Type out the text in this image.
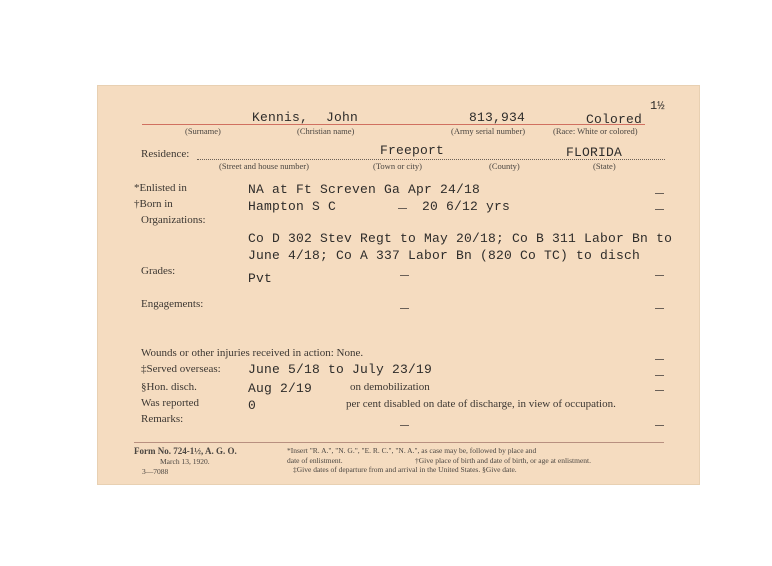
1½
Kennis, John	813,934	Colored
(Surname)	(Christian name)	(Army serial number)	(Race: White or colored)
Residence:	Freeport	FLORIDA
(Street and house number)	(Town or city)	(County)	(State)
*Enlisted in	NA at Ft Screven Ga Apr 24/18
†Born in	Hampton S C	20 6/12 yrs
Organizations:
Co D 302 Stev Regt to May 20/18; Co B 311 Labor Bn to
June 4/18; Co A 337 Labor Bn (820 Co TC) to disch
Grades:	Pvt
Engagements:
Wounds or other injuries received in action: None.
‡Served overseas: June 5/18 to July 23/19
§Hon. disch.	Aug 2/19	on demobilization
Was reported	0	per cent disabled on date of discharge, in view of occupation.
Remarks:
Form No. 724-1½, A. G. O.
March 13, 1920.
3—7088
*Insert "R. A.", "N. G.", "E. R. C.", "N. A.", as case may be, followed by place and
date of enlistment.	†Give place of birth and date of birth, or age at enlistment.
‡Give dates of departure from and arrival in the United States. §Give date.
